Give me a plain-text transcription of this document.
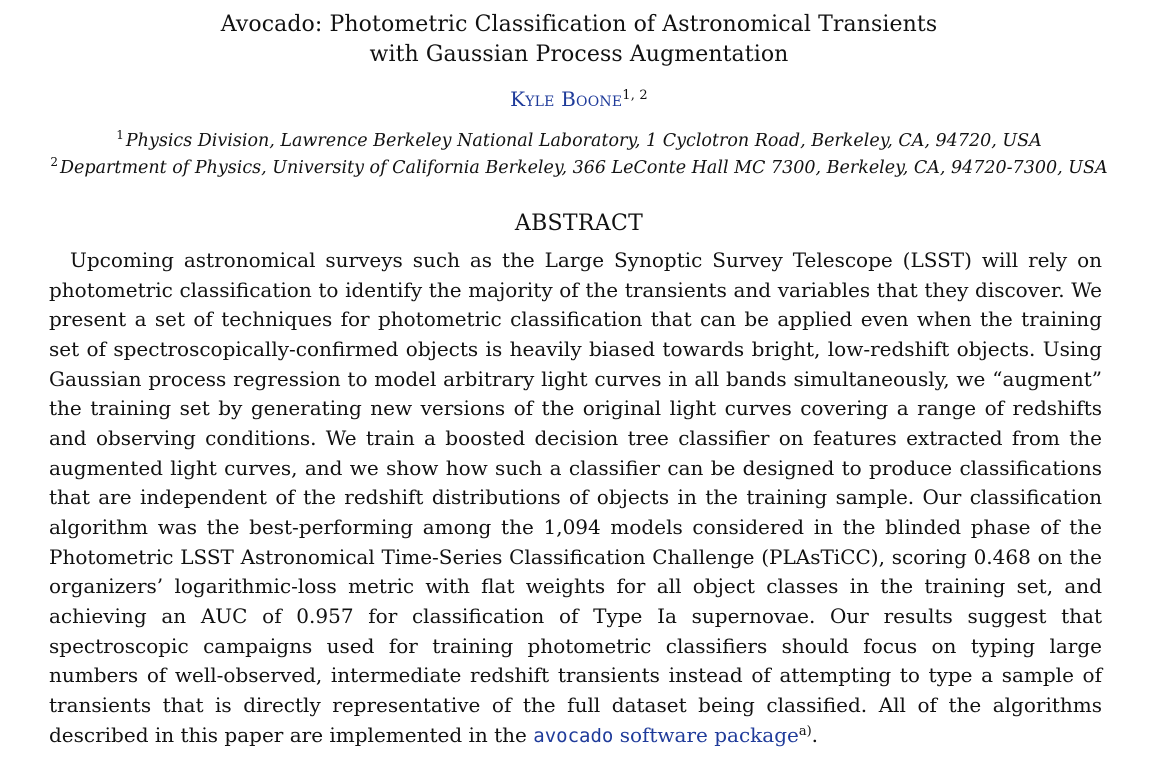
Avocado: Photometric Classification of Astronomical Transients
with Gaussian Process Augmentation
Kyle Boone$^{1, 2}$
$^1$ Physics Division, Lawrence Berkeley National Laboratory, 1 Cyclotron Road, Berkeley, CA, 94720, USA
$^2$ Department of Physics, University of California Berkeley, 366 LeConte Hall MC 7300, Berkeley, CA, 94720-7300, USA
ABSTRACT
Upcoming astronomical surveys such as the Large Synoptic Survey Telescope (LSST) will rely on photometric classification to identify the majority of the transients and variables that they discover. We present a set of techniques for photometric classification that can be applied even when the training set of spectroscopically-confirmed objects is heavily biased towards bright, low-redshift objects. Using Gaussian process regression to model arbitrary light curves in all bands simultaneously, we “augment” the training set by generating new versions of the original light curves covering a range of redshifts and observing conditions. We train a boosted decision tree classifier on features extracted from the augmented light curves, and we show how such a classifier can be designed to produce classifications that are independent of the redshift distributions of objects in the training sample. Our classification algorithm was the best-performing among the 1,094 models considered in the blinded phase of the Photometric LSST Astronomical Time-Series Classification Challenge (PLAsTiCC), scoring 0.468 on the organizers’ logarithmic-loss metric with flat weights for all object classes in the training set, and achieving an AUC of 0.957 for classification of Type Ia supernovae. Our results suggest that spectroscopic campaigns used for training photometric classifiers should focus on typing large numbers of well-observed, intermediate redshift transients instead of attempting to type a sample of transients that is directly representative of the full dataset being classified. All of the algorithms described in this paper are implemented in the avocado software package$^{a)}$.
